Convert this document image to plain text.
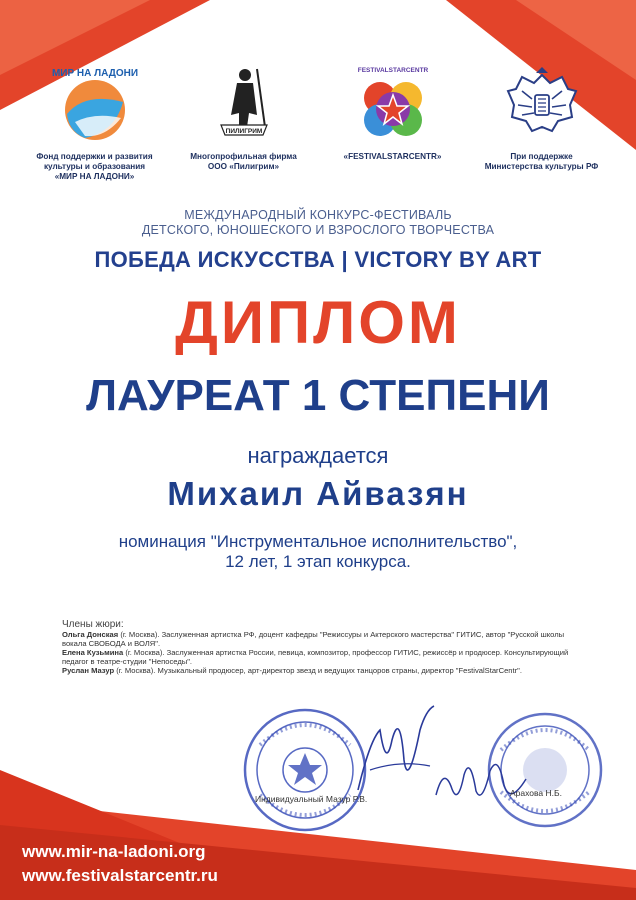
МИР НА ЛАДОНИ
Фонд поддержки и развития
культуры и образования
«МИР НА ЛАДОНИ»
ПИЛИГРИМ
Многопрофильная фирма
ООО «Пилигрим»
FESTIVALSTARCENTR
«FESTIVALSTARCENTR»	При поддержке
Министерства культуры РФ
МЕЖДУНАРОДНЫЙ КОНКУРС-ФЕСТИВАЛЬ
ДЕТСКОГО, ЮНОШЕСКОГО И ВЗРОСЛОГО ТВОРЧЕСТВА
ПОБЕДА ИСКУССТВА | VICTORY BY ART
ДИПЛОМ
ЛАУРЕАТ 1 СТЕПЕНИ
награждается
Михаил Айвазян
номинация "Инструментальное исполнительство",
12 лет, 1 этап конкурса.
Члены жюри:

Ольга Донская (г. Москва). Заслуженная артистка РФ, доцент кафедры "Режиссуры и Актерского мастерства" ГИТИС, автор "Русской школы вокала СВОБОДА и ВОЛЯ".

Елена Кузьмина (г. Москва). Заслуженная артистка России, певица, композитор, профессор ГИТИС, режиссёр и продюсер. Консультирующий педагог в театре-студии "Непоседы".

Руслан Мазур (г. Москва). Музыкальный продюсер, арт-директор звезд и ведущих танцоров страны, директор "FestivalStarCentr".

Индивидуальный Мазур Р.В.
Арахова Н.Б.
www.mir-na-ladoni.org
www.festivalstarcentr.ru
